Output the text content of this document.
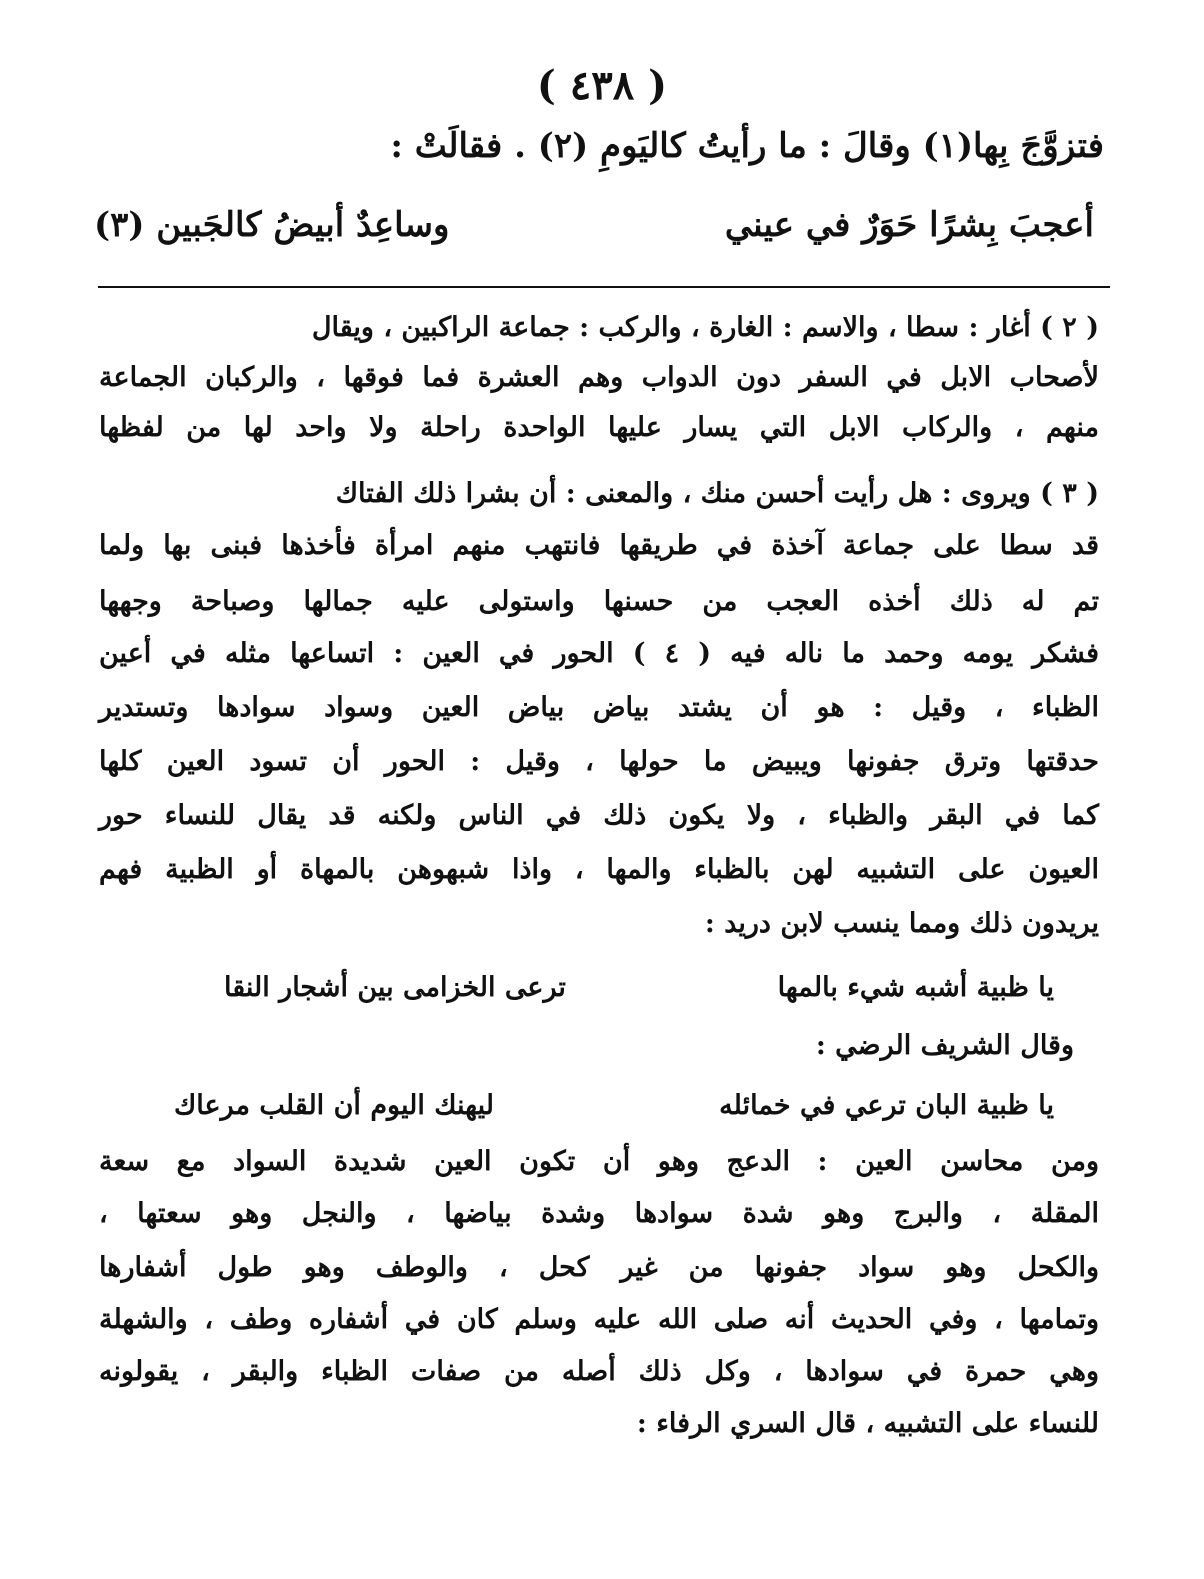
( ٤٣٨ )
فتزوَّجَ بِها(١) وقالَ : ما رأيتُ كاليَومِ (٢) . فقالَتْ :
أعجبَ بِشرًا حَوَرٌ في عيني
وساعِدٌ أبيضُ كالجَبين (٣)
( ٢ ) أغار : سطا ، والاسم : الغارة ، والركب : جماعة الراكبين ، ويقال
لأصحاب الابل في السفر دون الدواب وهم العشرة فما فوقها ، والركبان الجماعة
منهم ، والركاب الابل التي يسار عليها الواحدة راحلة ولا واحد لها من لفظها
( ٣ ) ويروى : هل رأيت أحسن منك ، والمعنى : أن بشرا ذلك الفتاك
قد سطا على جماعة آخذة في طريقها فانتهب منهم امرأة فأخذها فبنى بها ولما
تم له ذلك أخذه العجب من حسنها واستولى عليه جمالها وصباحة وجهها
فشكر يومه وحمد ما ناله فيه ( ٤ ) الحور في العين : اتساعها مثله في أعين
الظباء ، وقيل : هو أن يشتد بياض بياض العين وسواد سوادها وتستدير
حدقتها وترق جفونها ويبيض ما حولها ، وقيل : الحور أن تسود العين كلها
كما في البقر والظباء ، ولا يكون ذلك في الناس ولكنه قد يقال للنساء حور
العيون على التشبيه لهن بالظباء والمها ، واذا شبهوهن بالمهاة أو الظبية فهم
يريدون ذلك ومما ينسب لابن دريد :
يا ظبية أشبه شيء بالمها
ترعى الخزامى بين أشجار النقا
وقال الشريف الرضي :
يا ظبية البان ترعي في خمائله
ليهنك اليوم أن القلب مرعاك
ومن محاسن العين : الدعج وهو أن تكون العين شديدة السواد مع سعة
المقلة ، والبرج وهو شدة سوادها وشدة بياضها ، والنجل وهو سعتها ،
والكحل وهو سواد جفونها من غير كحل ، والوطف وهو طول أشفارها
وتمامها ، وفي الحديث أنه صلى الله عليه وسلم كان في أشفاره وطف ، والشهلة
وهي حمرة في سوادها ، وكل ذلك أصله من صفات الظباء والبقر ، يقولونه
للنساء على التشبيه ، قال السري الرفاء :
